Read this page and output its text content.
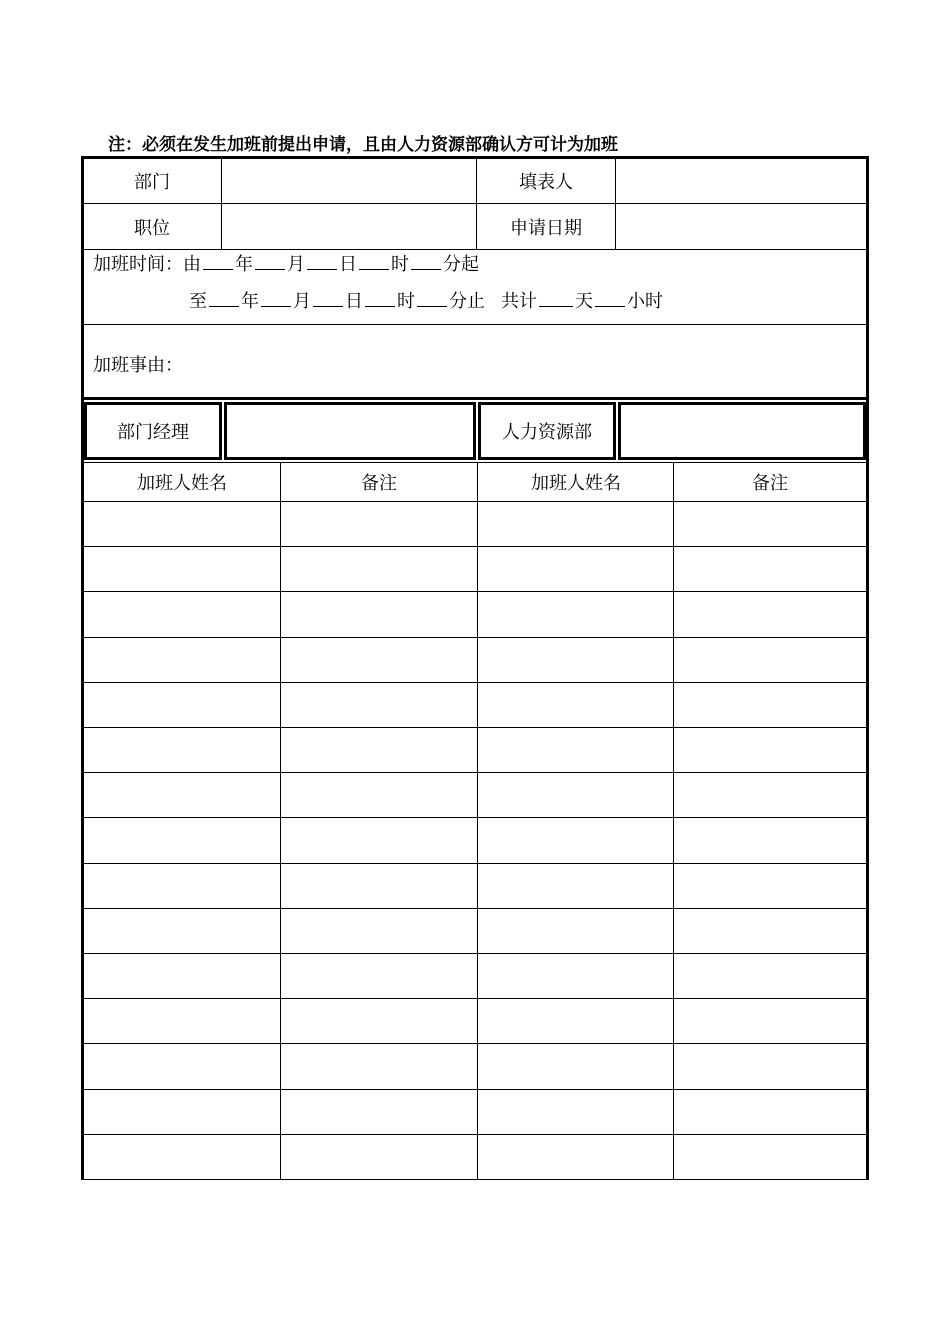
注：必须在发生加班前提出申请，且由人力资源部确认方可计为加班
部门	填表人
职位	申请日期
加班时间：由 年 月 日 时 分起
至 年 月 日 时 分止 共计 天 小时
加班事由：
部门经理	人力资源部
加班人姓名	备注	加班人姓名	备注
